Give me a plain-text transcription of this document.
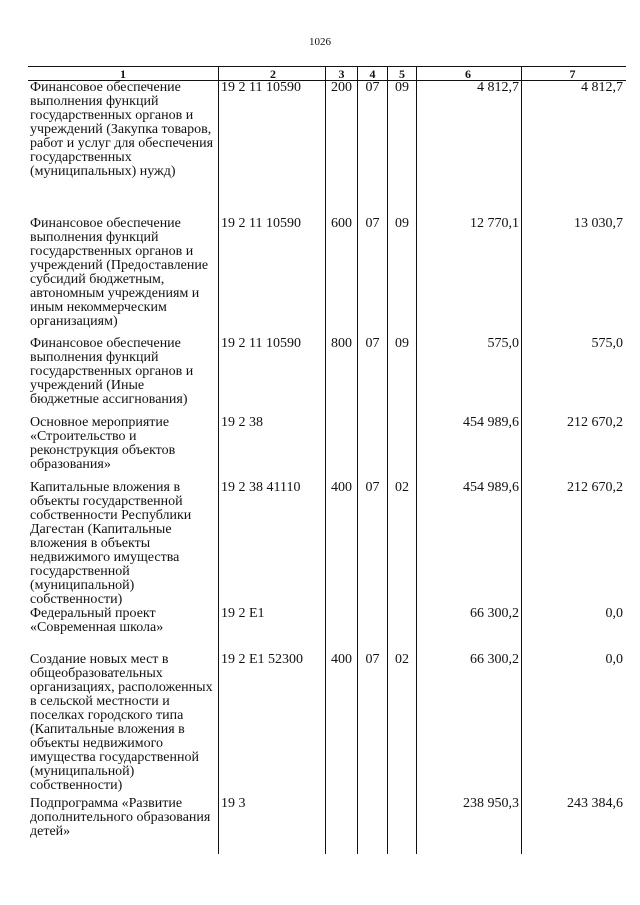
1026
1	2	3	4	5	6	7
Финансовое обеспечение выполнения функций государственных органов и учреждений (Закупка товаров, работ и услуг для обеспечения государственных (муниципальных) нужд)	19 2 11 10590	200	07	09	4 812,7	4 812,7
Финансовое обеспечение выполнения функций государственных органов и учреждений (Предоставление субсидий бюджетным, автономным учреждениям и иным некоммерческим организациям)	19 2 11 10590	600	07	09	12 770,1	13 030,7
Финансовое обеспечение выполнения функций государственных органов и учреждений (Иные бюджетные ассигнования)	19 2 11 10590	800	07	09	575,0	575,0
Основное мероприятие «Строительство и реконструкция объектов образования»	19 2 38				454 989,6	212 670,2
Капитальные вложения в объекты государственной собственности Республики Дагестан (Капитальные вложения в объекты недвижимого имущества государственной (муниципальной) собственности)	19 2 38 41110	400	07	02	454 989,6	212 670,2
Федеральный проект «Современная школа»	19 2 E1				66 300,2	0,0
Создание новых мест в общеобразовательных организациях, расположенных в сельской местности и поселках городского типа (Капитальные вложения в объекты недвижимого имущества государственной (муниципальной) собственности)	19 2 E1 52300	400	07	02	66 300,2	0,0
Подпрограмма «Развитие дополнительного образования детей»	19 3				238 950,3	243 384,6
